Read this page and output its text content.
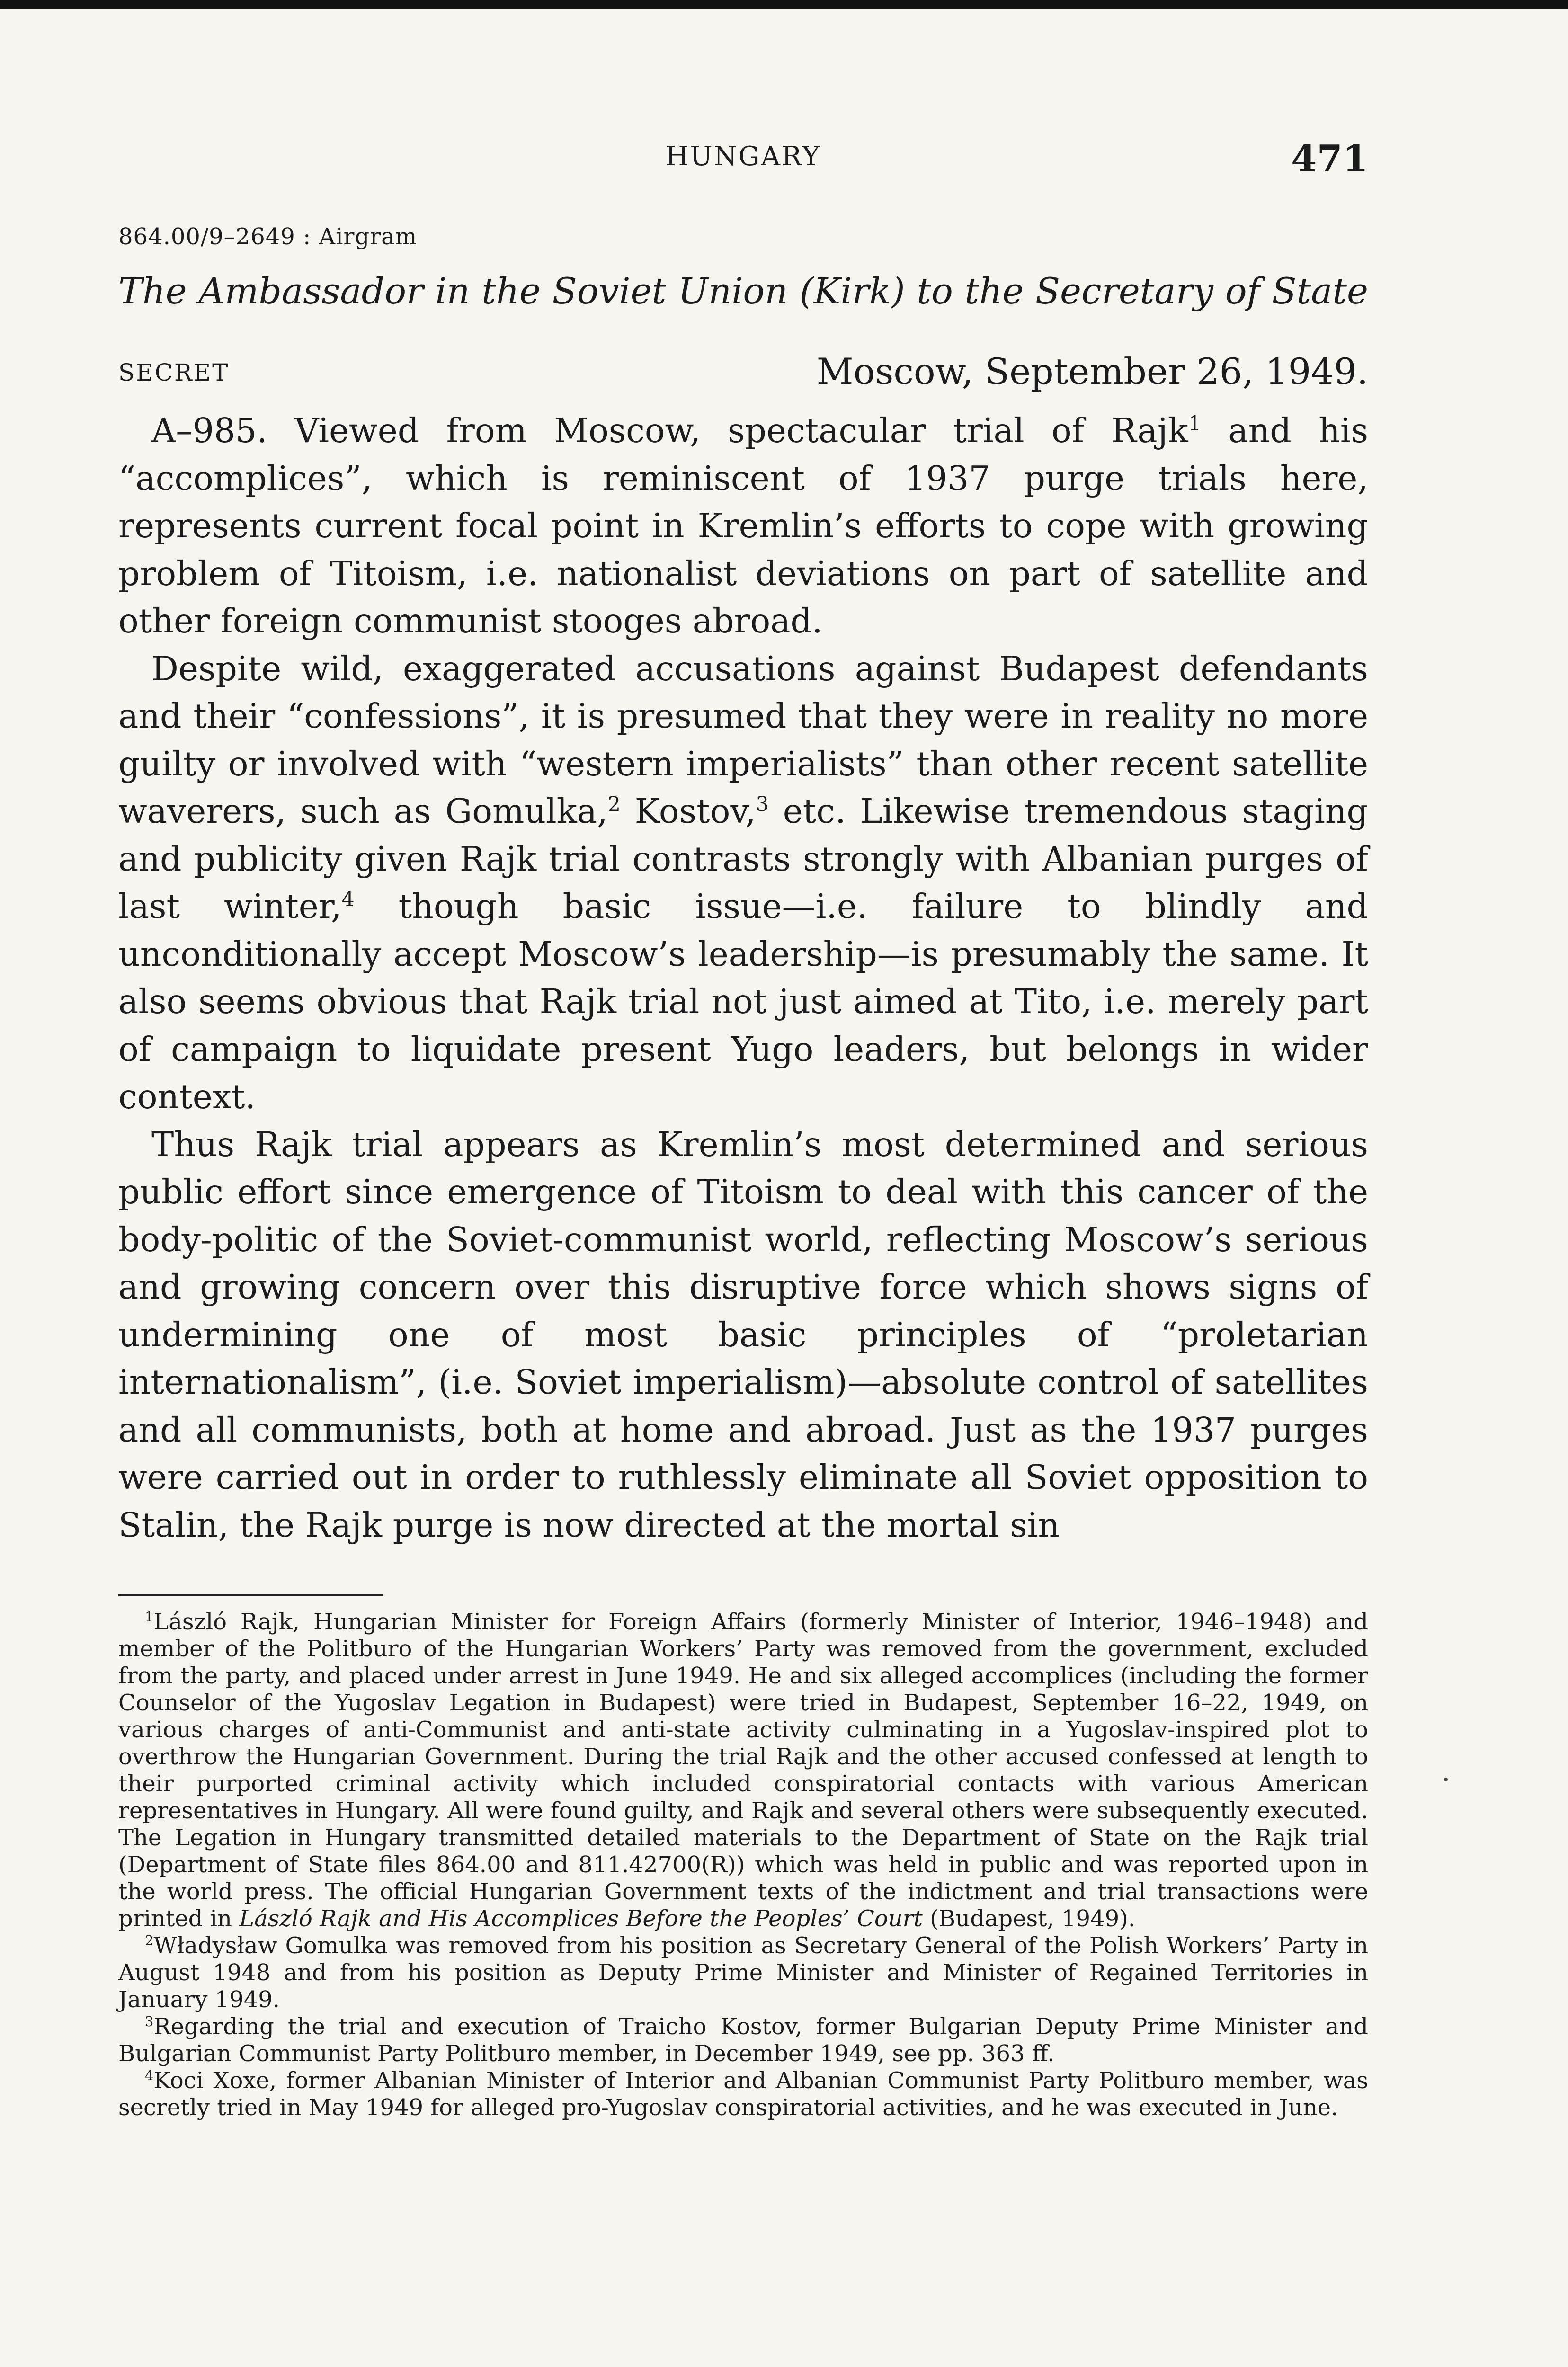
HUNGARY	471
864.00/9–2649 : Airgram
The Ambassador in the Soviet Union (Kirk) to the Secretary of State
SECRET	Moscow, September 26, 1949.

A–985. Viewed from Moscow, spectacular trial of Rajk$^1$ and his “accomplices”, which is reminiscent of 1937 purge trials here, represents current focal point in Kremlin’s efforts to cope with growing problem of Titoism, i.e. nationalist deviations on part of satellite and other foreign communist stooges abroad.

Despite wild, exaggerated accusations against Budapest defendants and their “confessions”, it is presumed that they were in reality no more guilty or involved with “western imperialists” than other recent satellite waverers, such as Gomulka,$^2$ Kostov,$^3$ etc. Likewise tremendous staging and publicity given Rajk trial contrasts strongly with Albanian purges of last winter,$^4$ though basic issue—i.e. failure to blindly and unconditionally accept Moscow’s leadership—is presumably the same. It also seems obvious that Rajk trial not just aimed at Tito, i.e. merely part of campaign to liquidate present Yugo leaders, but belongs in wider context.

Thus Rajk trial appears as Kremlin’s most determined and serious public effort since emergence of Titoism to deal with this cancer of the body-politic of the Soviet-communist world, reflecting Moscow’s serious and growing concern over this disruptive force which shows signs of undermining one of most basic principles of “proletarian internationalism”, (i.e. Soviet imperialism)—absolute control of satellites and all communists, both at home and abroad. Just as the 1937 purges were carried out in order to ruthlessly eliminate all Soviet opposition to Stalin, the Rajk purge is now directed at the mortal sin

$^1$László Rajk, Hungarian Minister for Foreign Affairs (formerly Minister of Interior, 1946–1948) and member of the Politburo of the Hungarian Workers’ Party was removed from the government, excluded from the party, and placed under arrest in June 1949. He and six alleged accomplices (including the former Counselor of the Yugoslav Legation in Budapest) were tried in Budapest, September 16–22, 1949, on various charges of anti-Communist and anti-state activity culminating in a Yugoslav-inspired plot to overthrow the Hungarian Government. During the trial Rajk and the other accused confessed at length to their purported criminal activity which included conspiratorial contacts with various American representatives in Hungary. All were found guilty, and Rajk and several others were subsequently executed. The Legation in Hungary transmitted detailed materials to the Department of State on the Rajk trial (Department of State files 864.00 and 811.42700(R)) which was held in public and was reported upon in the world press. The official Hungarian Government texts of the indictment and trial transactions were printed in László Rajk and His Accomplices Before the Peoples’ Court (Budapest, 1949).

$^2$Władysław Gomulka was removed from his position as Secretary General of the Polish Workers’ Party in August 1948 and from his position as Deputy Prime Minister and Minister of Regained Territories in January 1949.

$^3$Regarding the trial and execution of Traicho Kostov, former Bulgarian Deputy Prime Minister and Bulgarian Communist Party Politburo member, in December 1949, see pp. 363 ff.

$^4$Koci Xoxe, former Albanian Minister of Interior and Albanian Communist Party Politburo member, was secretly tried in May 1949 for alleged pro-Yugoslav conspiratorial activities, and he was executed in June.
